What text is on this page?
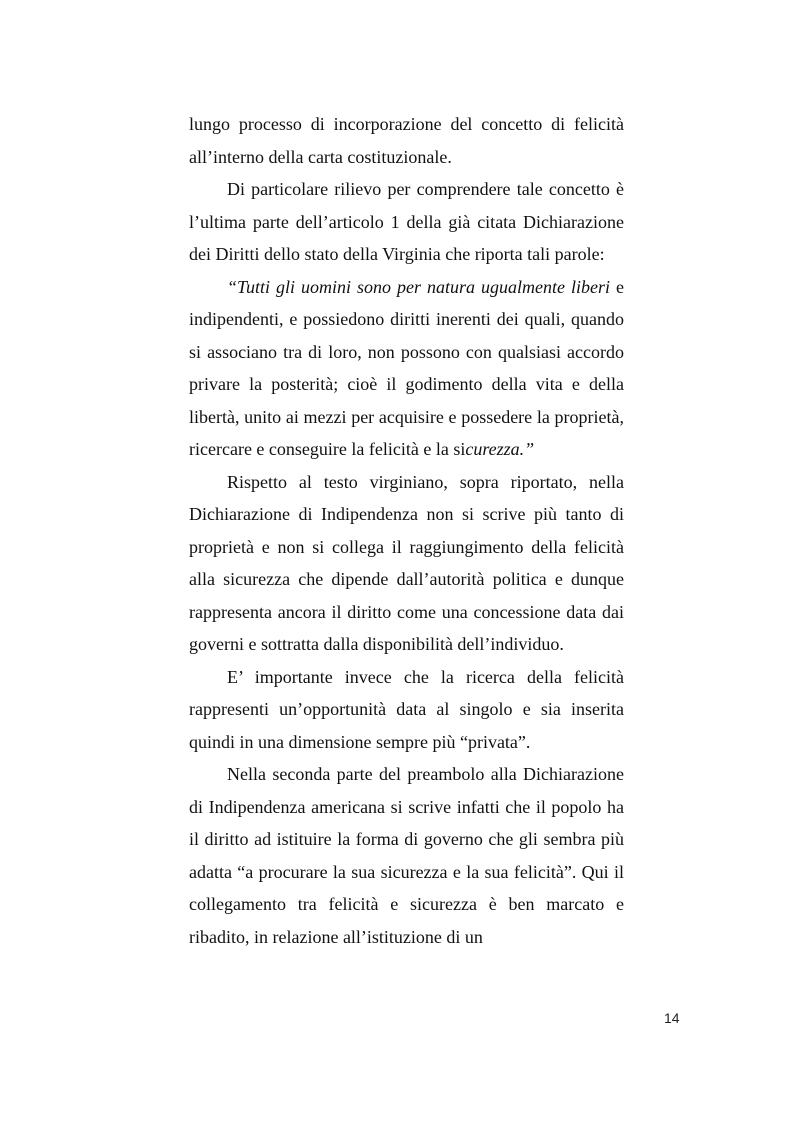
lungo processo di incorporazione del concetto di felicità all’interno della carta costituzionale.

Di particolare rilievo per comprendere tale concetto è l’ultima parte dell’articolo 1 della già citata Dichiarazione dei Diritti dello stato della Virginia che riporta tali parole:

“Tutti gli uomini sono per natura ugualmente liberi e indipendenti, e possiedono diritti inerenti dei quali, quando si associano tra di loro, non possono con qualsiasi accordo privare la posterità; cioè il godimento della vita e della libertà, unito ai mezzi per acquisire e possedere la proprietà, ricercare e conseguire la felicità e la sicurezza.”

Rispetto al testo virginiano, sopra riportato, nella Dichiarazione di Indipendenza non si scrive più tanto di proprietà e non si collega il raggiungimento della felicità alla sicurezza che dipende dall’autorità politica e dunque rappresenta ancora il diritto come una concessione data dai governi e sottratta dalla disponibilità dell’individuo.

E’ importante invece che la ricerca della felicità rappresenti un’opportunità data al singolo e sia inserita quindi in una dimensione sempre più “privata”.

Nella seconda parte del preambolo alla Dichiarazione di Indipendenza americana si scrive infatti che il popolo ha il diritto ad istituire la forma di governo che gli sembra più adatta “a procurare la sua sicurezza e la sua felicità”. Qui il collegamento tra felicità e sicurezza è ben marcato e ribadito, in relazione all’istituzione di un

14
